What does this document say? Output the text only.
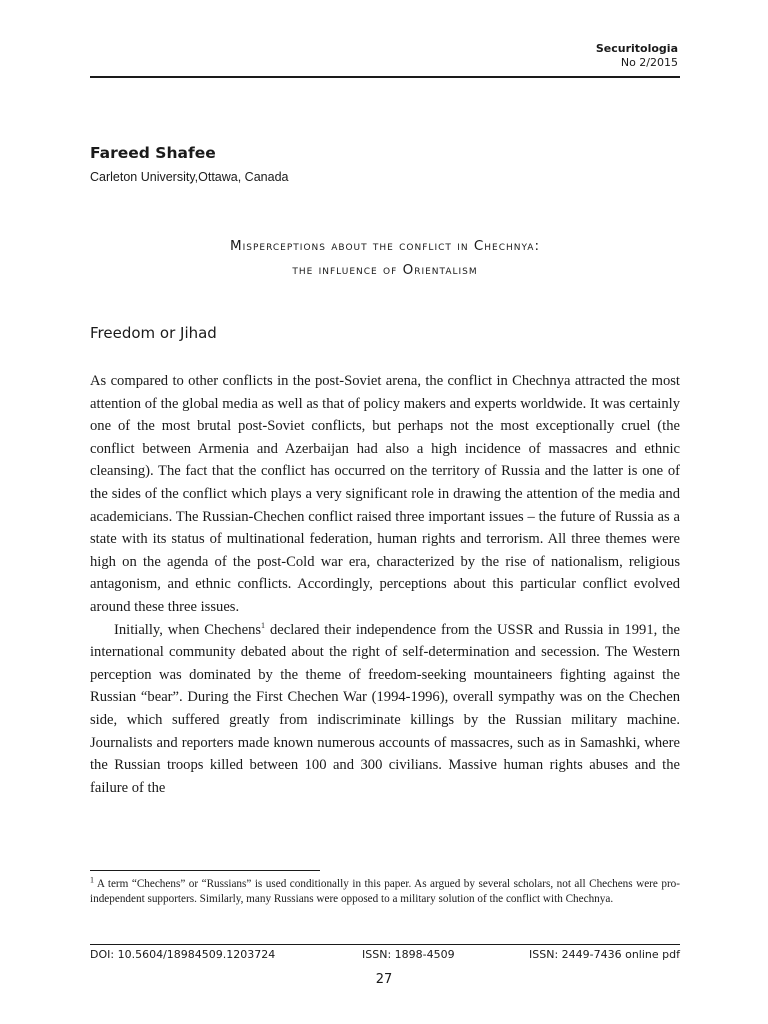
Securitologia
No 2/2015
Fareed Shafee
Carleton University,Ottawa, Canada
Misperceptions about the conflict in Chechnya:
the influence of Orientalism
Freedom or Jihad

As compared to other conflicts in the post-Soviet arena, the conflict in Chechnya attracted the most attention of the global media as well as that of policy makers and experts worldwide. It was certainly one of the most brutal post-Soviet conflicts, but perhaps not the most exceptionally cruel (the conflict between Armenia and Azerbaijan had also a high incidence of massacres and ethnic cleansing). The fact that the conflict has occurred on the territory of Russia and the latter is one of the sides of the conflict which plays a very significant role in drawing the attention of the media and academicians. The Russian-Chechen conflict raised three important issues – the future of Russia as a state with its status of multinational federation, human rights and terrorism. All three themes were high on the agenda of the post-Cold war era, characterized by the rise of nationalism, religious antagonism, and ethnic conflicts. Accordingly, perceptions about this particular conflict evolved around these three issues.

Initially, when Chechens$^1$ declared their independence from the USSR and Russia in 1991, the international community debated about the right of self-determination and secession. The Western perception was dominated by the theme of freedom-seeking mountaineers fighting against the Russian “bear”. During the First Chechen War (1994-1996), overall sympathy was on the Chechen side, which suffered greatly from indiscriminate killings by the Russian military machine. Journalists and reporters made known numerous accounts of massacres, such as in Samashki, where the Russian troops killed between 100 and 300 civilians. Massive human rights abuses and the failure of the

$^1$ A term “Chechens” or “Russians” is used conditionally in this paper. As argued by several scholars, not all Chechens were pro-independent supporters. Similarly, many Russians were opposed to a military solution of the conflict with Chechnya.
DOI: 10.5604/18984509.1203724	ISSN: 1898-4509	ISSN: 2449-7436 online pdf
27
